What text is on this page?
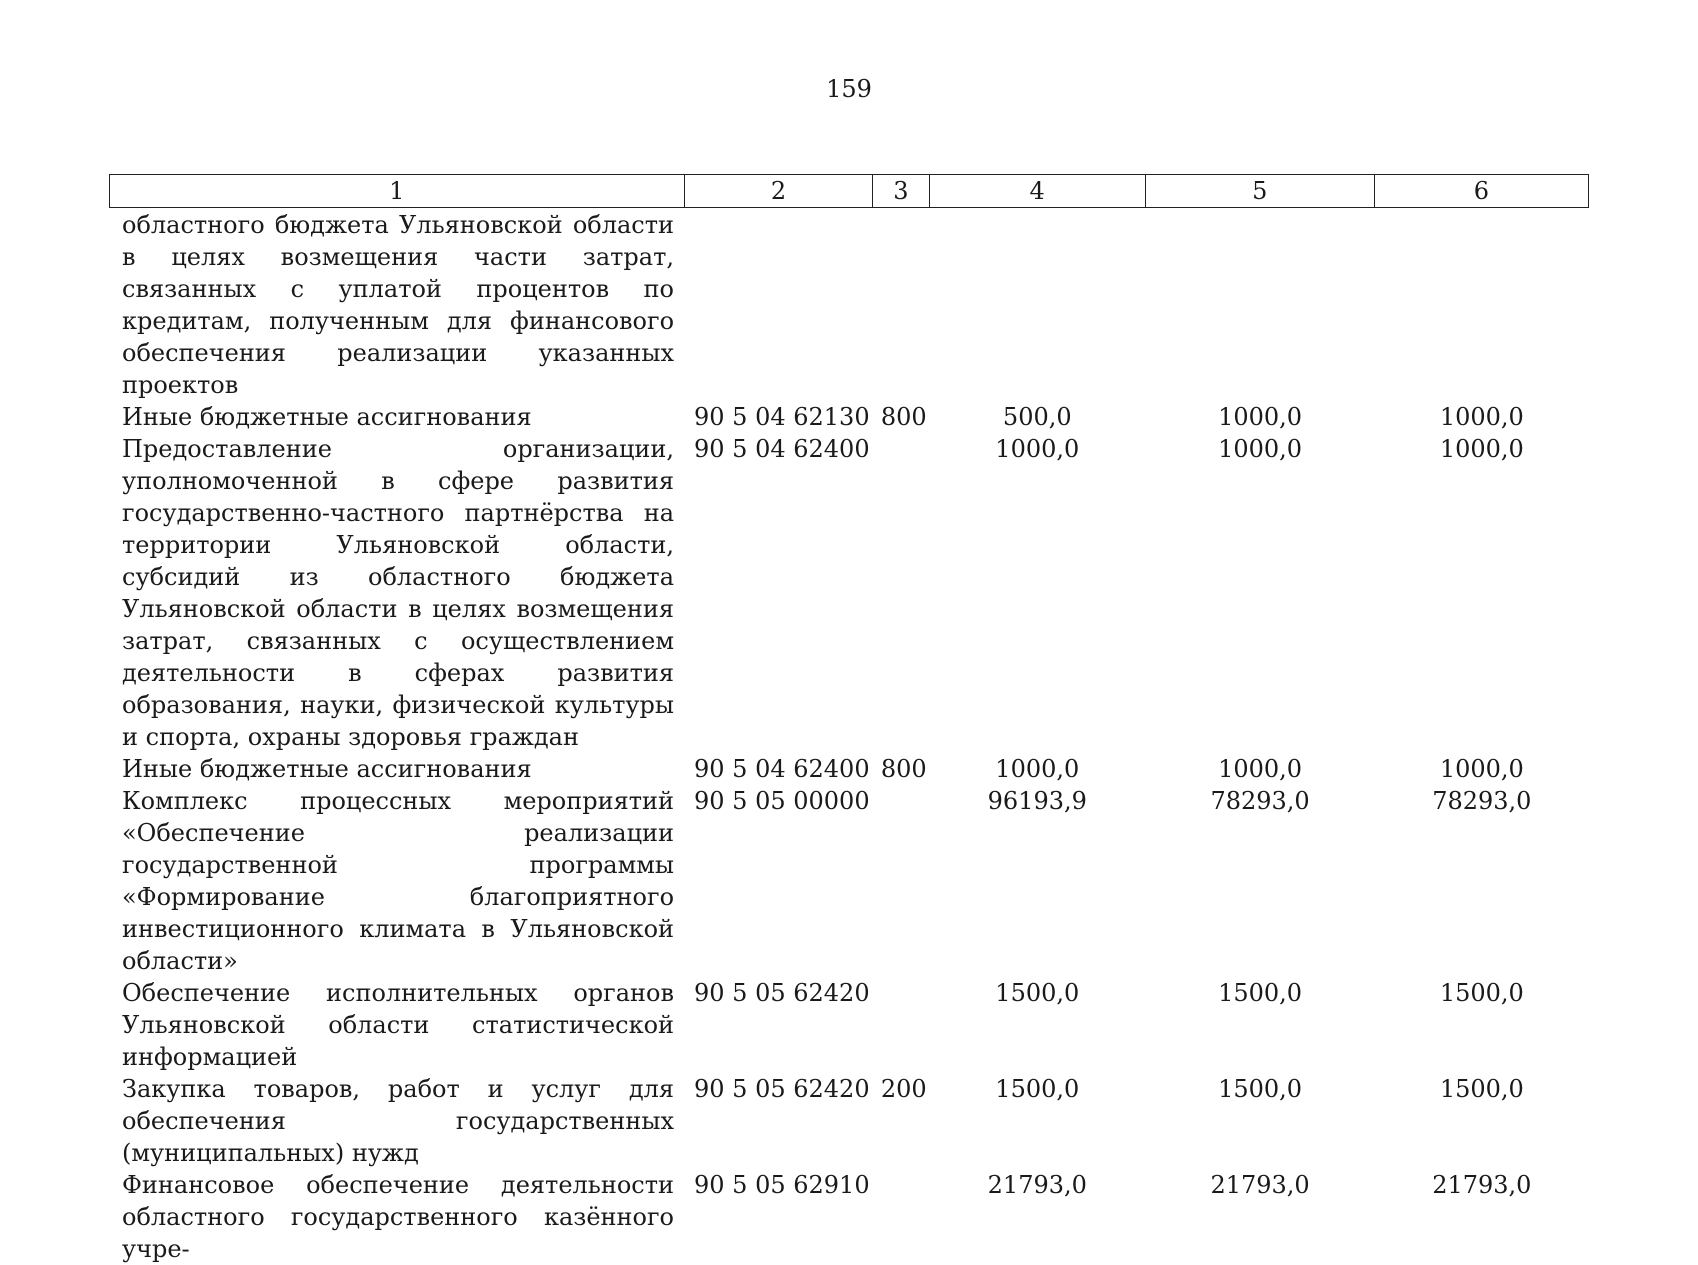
159
1	2	3	4	5	6
областного бюджета Ульяновской области в целях возмещения части затрат, связанных с уплатой процентов по кредитам, полученным для финансового обеспечения реализации указанных проектов					
Иные бюджетные ассигнования	90 5 04 62130	800	500,0	1000,0	1000,0
Предоставление организации, уполномоченной в сфере развития государственно-частного партнёрства на территории Ульяновской области, субсидий из областного бюджета Ульяновской области в целях возмещения затрат, связанных с осуществлением деятельности в сферах развития образования, науки, физической культуры и спорта, охраны здоровья граждан	90 5 04 62400		1000,0	1000,0	1000,0
Иные бюджетные ассигнования	90 5 04 62400	800	1000,0	1000,0	1000,0
Комплекс процессных мероприятий «Обеспечение реализации государственной программы «Формирование благоприятного инвестиционного климата в Ульяновской области»	90 5 05 00000		96193,9	78293,0	78293,0
Обеспечение исполнительных органов Ульяновской области статистической информацией	90 5 05 62420		1500,0	1500,0	1500,0
Закупка товаров, работ и услуг для обеспечения государственных (муниципальных) нужд	90 5 05 62420	200	1500,0	1500,0	1500,0
Финансовое обеспечение деятельности областного государственного казённого учре-	90 5 05 62910		21793,0	21793,0	21793,0
